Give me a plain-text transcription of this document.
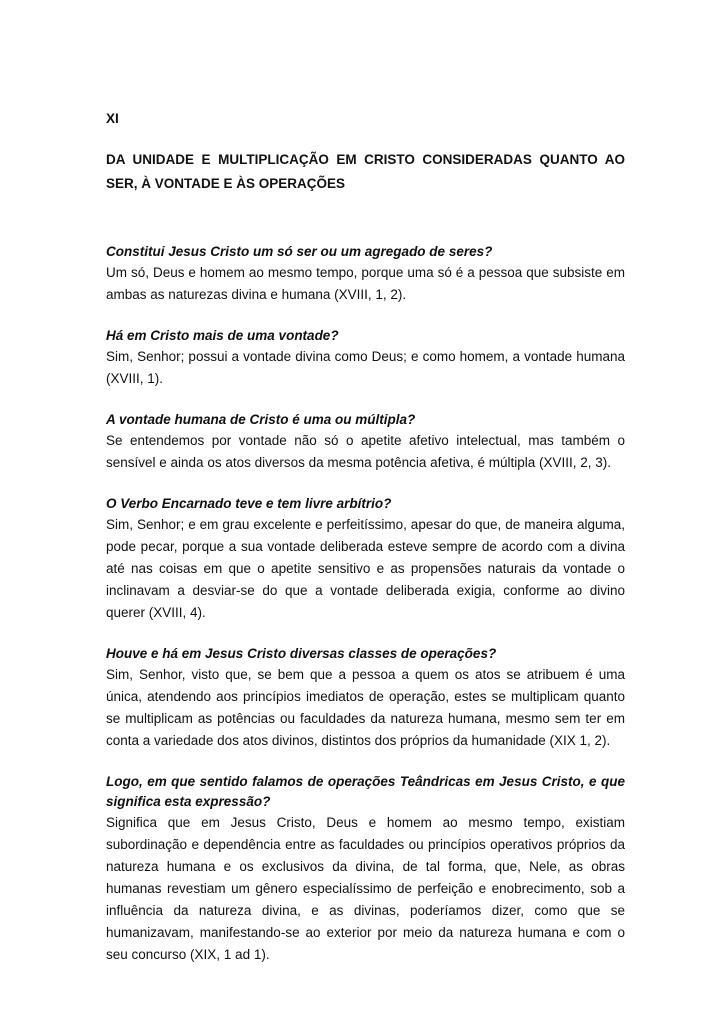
XI

DA UNIDADE E MULTIPLICAÇÃO EM CRISTO CONSIDERADAS QUANTO AO SER, À VONTADE E ÀS OPERAÇÕES

Constitui Jesus Cristo um só ser ou um agregado de seres?

Um só, Deus e homem ao mesmo tempo, porque uma só é a pessoa que subsiste em ambas as naturezas divina e humana (XVIII, 1, 2).

Há em Cristo mais de uma vontade?

Sim, Senhor; possui a vontade divina como Deus; e como homem, a vontade humana (XVIII, 1).

A vontade humana de Cristo é uma ou múltipla?

Se entendemos por vontade não só o apetite afetivo intelectual, mas também o sensível e ainda os atos diversos da mesma potência afetiva, é múltipla (XVIII, 2, 3).

O Verbo Encarnado teve e tem livre arbítrio?

Sim, Senhor; e em grau excelente e perfeitíssimo, apesar do que, de maneira alguma, pode pecar, porque a sua vontade deliberada esteve sempre de acordo com a divina até nas coisas em que o apetite sensitivo e as propensões naturais da vontade o inclinavam a desviar-se do que a vontade deliberada exigia, conforme ao divino querer (XVIII, 4).

Houve e há em Jesus Cristo diversas classes de operações?

Sim, Senhor, visto que, se bem que a pessoa a quem os atos se atribuem é uma única, atendendo aos princípios imediatos de operação, estes se multiplicam quanto se multiplicam as potências ou faculdades da natureza humana, mesmo sem ter em conta a variedade dos atos divinos, distintos dos próprios da humanidade (XIX 1, 2).

Logo, em que sentido falamos de operações Teândricas em Jesus Cristo, e que significa esta expressão?

Significa que em Jesus Cristo, Deus e homem ao mesmo tempo, existiam subordinação e dependência entre as faculdades ou princípios operativos próprios da natureza humana e os exclusivos da divina, de tal forma, que, Nele, as obras humanas revestiam um gênero especialíssimo de perfeição e enobrecimento, sob a influência da natureza divina, e as divinas, poderíamos dizer, como que se humanizavam, manifestando-se ao exterior por meio da natureza humana e com o seu concurso (XIX, 1 ad 1).
